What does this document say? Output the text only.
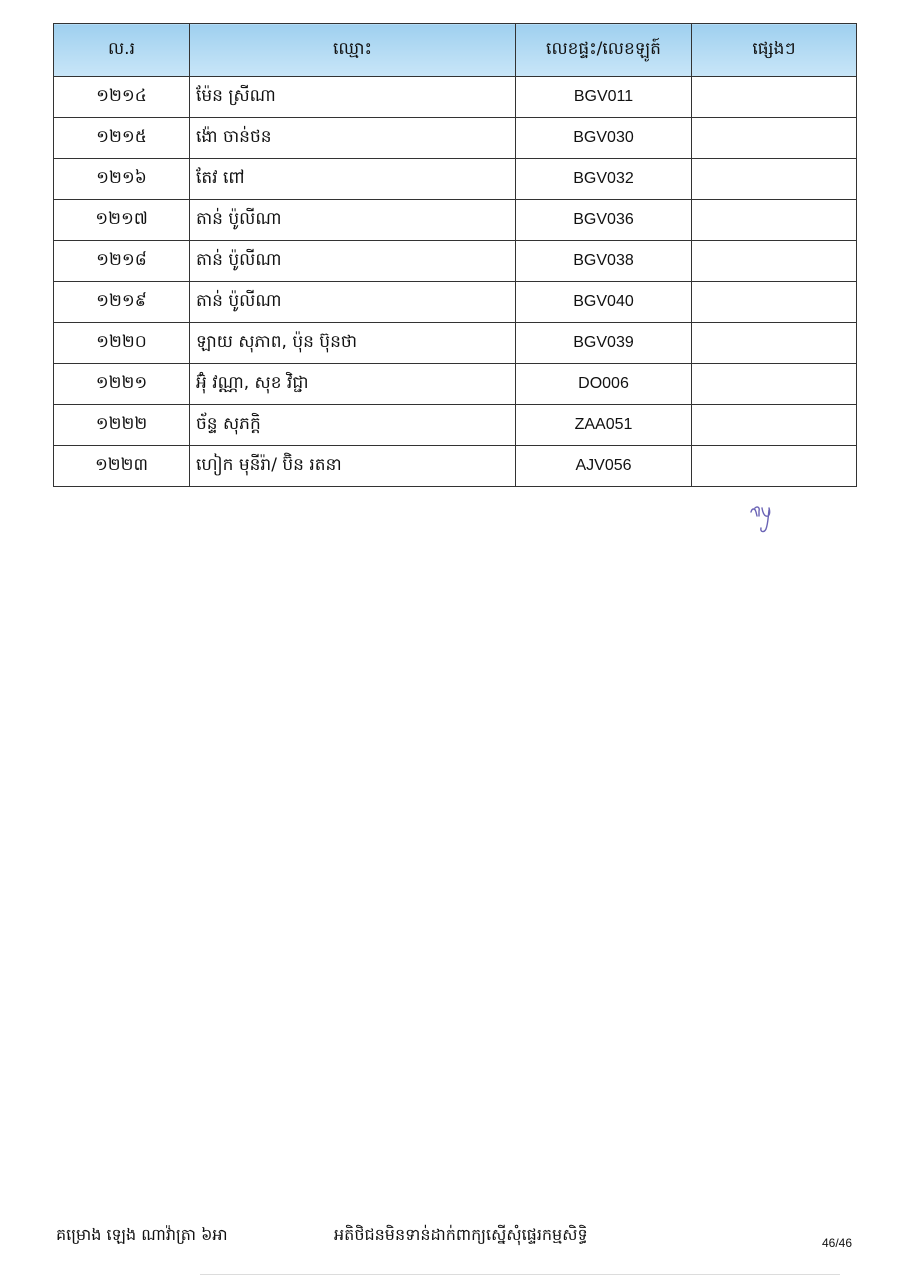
ល.រ	ឈ្មោះ	លេខផ្ទះ/លេខឡូត៍	ផ្សេងៗ
១២១៤	ម៉ែន ស្រីណា	BGV011	
១២១៥	ង៉ោ ចាន់ថន	BGV030	
១២១៦	តែវ ពៅ	BGV032	
១២១៧	តាន់ ប៉ូលីណា	BGV036	
១២១៨	តាន់ ប៉ូលីណា	BGV038	
១២១៩	តាន់ ប៉ូលីណា	BGV040	
១២២០	ឡាយ សុភាព, ប៉ុន ប៊ុនថា	BGV039	
១២២១	អ៊ុំ វណ្ណា, សុខ វិជ្ជា	DO006	
១២២២	ច័ន្ទ សុភក្តិ	ZAA051	
១២២៣	ហៀក មុនីរ៉ា/ ប៊ិន រតនា	AJV056	
គម្រោង ឡេង ណាវ៉ាត្រា ៦អា	អតិថិជនមិនទាន់ដាក់ពាក្យស្នើសុំផ្ទេរកម្មសិទ្ធិ	46/46
